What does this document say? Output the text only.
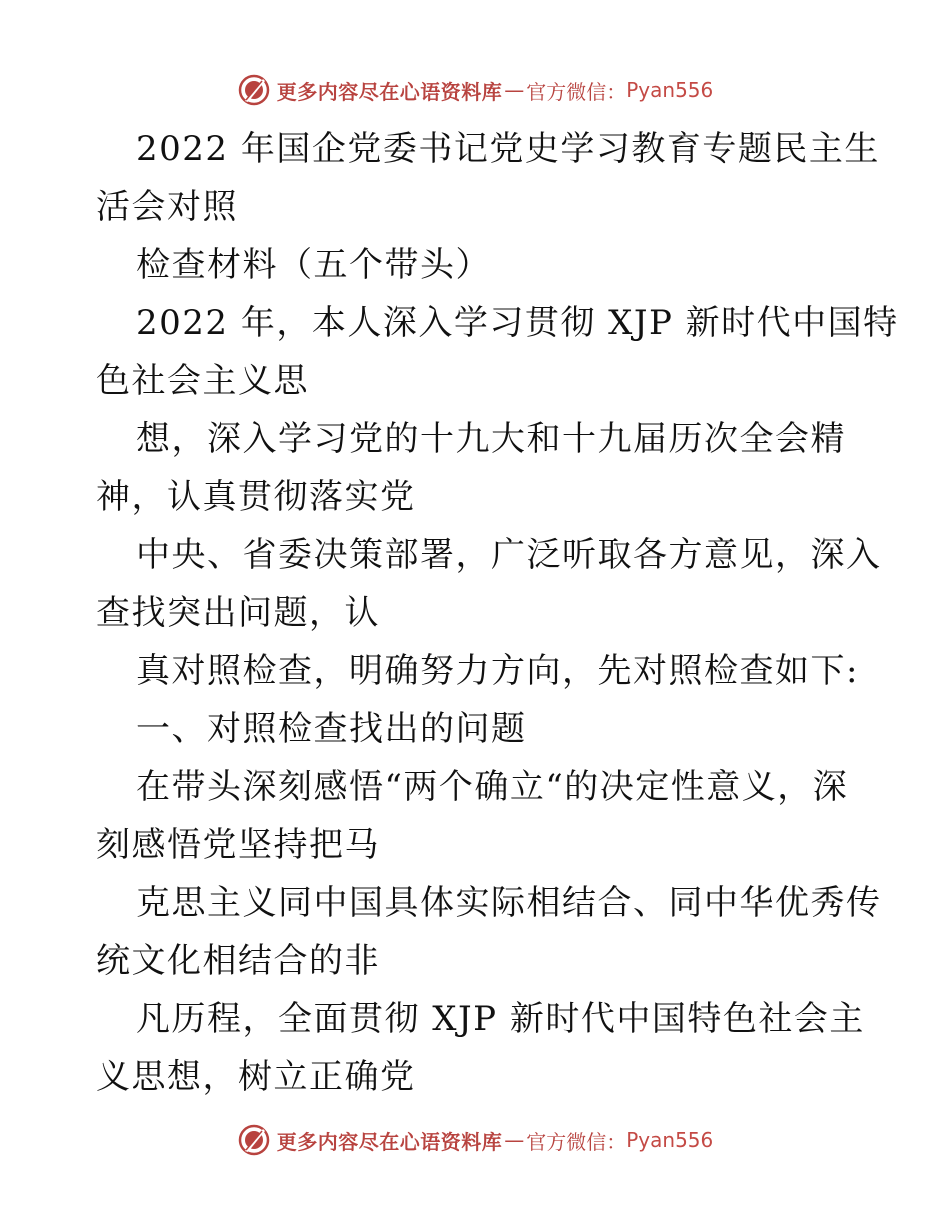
更多内容尽在心语资料库 — 官方微信： Pyan556

2022 年国企党委书记党史学习教育专题民主生

活会对照

检查材料（五个带头）

2022 年，本人深入学习贯彻 XJP 新时代中国特

色社会主义思

想，深入学习党的十九大和十九届历次全会精

神，认真贯彻落实党

中央、省委决策部署，广泛听取各方意见，深入

查找突出问题，认

真对照检查，明确努力方向，先对照检查如下:

一、对照检查找出的问题

在带头深刻感悟“两个确立“的决定性意义，深

刻感悟党坚持把马

克思主义同中国具体实际相结合、同中华优秀传

统文化相结合的非

凡历程，全面贯彻 XJP 新时代中国特色社会主

义思想，树立正确党

更多内容尽在心语资料库 — 官方微信： Pyan556
